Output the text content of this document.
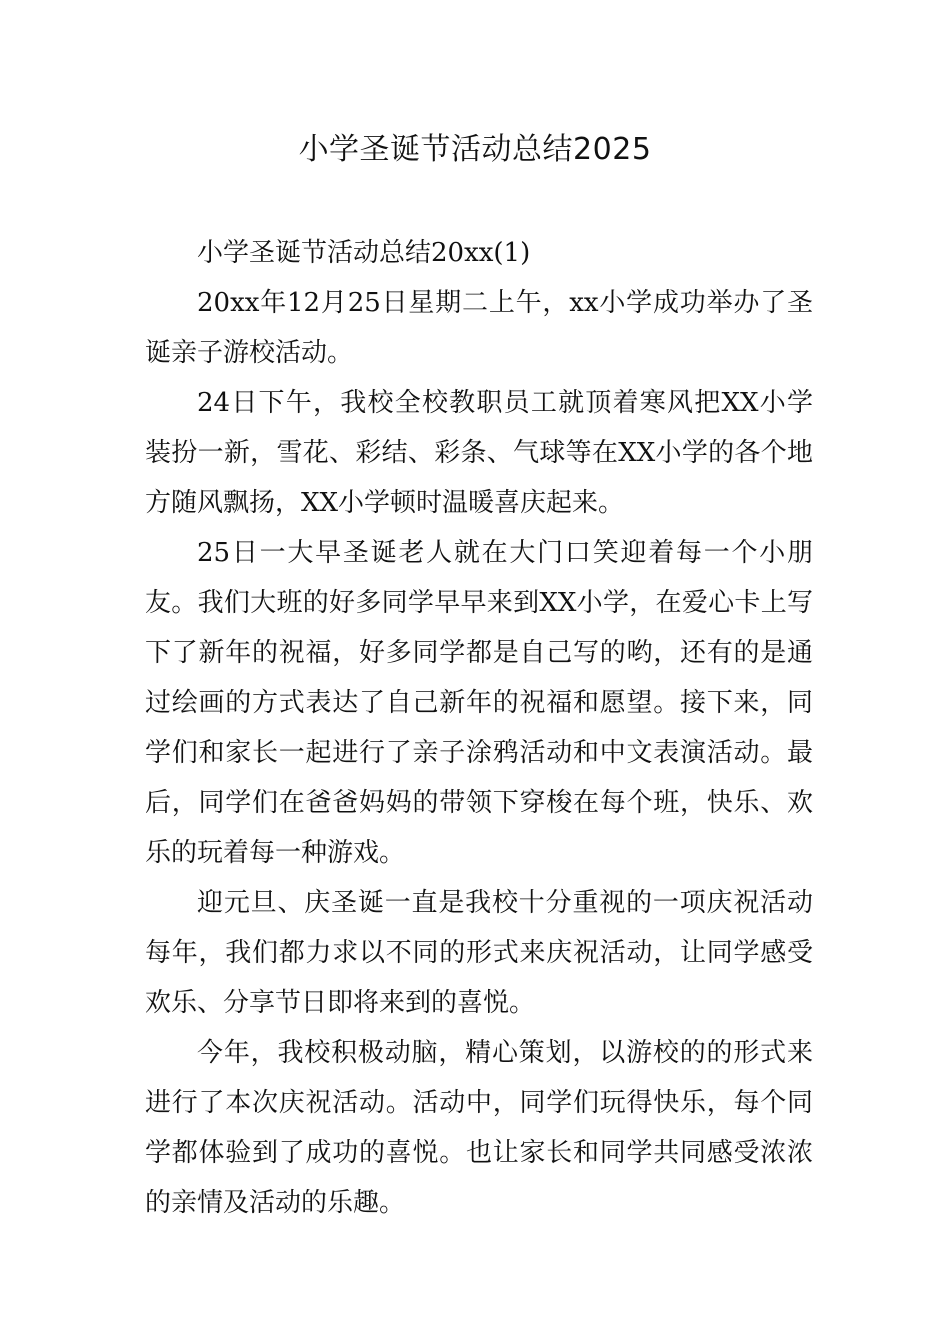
小学圣诞节活动总结2025

小学圣诞节活动总结20xx(1)

20xx年12月25日星期二上午，xx小学成功举办了圣诞亲子游校活动。

24日下午，我校全校教职员工就顶着寒风把XX小学装扮一新，雪花、彩结、彩条、气球等在XX小学的各个地方随风飘扬，XX小学顿时温暖喜庆起来。

25日一大早圣诞老人就在大门口笑迎着每一个小朋友。我们大班的好多同学早早来到XX小学，在爱心卡上写下了新年的祝福，好多同学都是自己写的哟，还有的是通过绘画的方式表达了自己新年的祝福和愿望。接下来，同学们和家长一起进行了亲子涂鸦活动和中文表演活动。最后，同学们在爸爸妈妈的带领下穿梭在每个班，快乐、欢乐的玩着每一种游戏。

迎元旦、庆圣诞一直是我校十分重视的一项庆祝活动每年，我们都力求以不同的形式来庆祝活动，让同学感受欢乐、分享节日即将来到的喜悦。

今年，我校积极动脑，精心策划，以游校的的形式来进行了本次庆祝活动。活动中，同学们玩得快乐，每个同学都体验到了成功的喜悦。也让家长和同学共同感受浓浓的亲情及活动的乐趣。
